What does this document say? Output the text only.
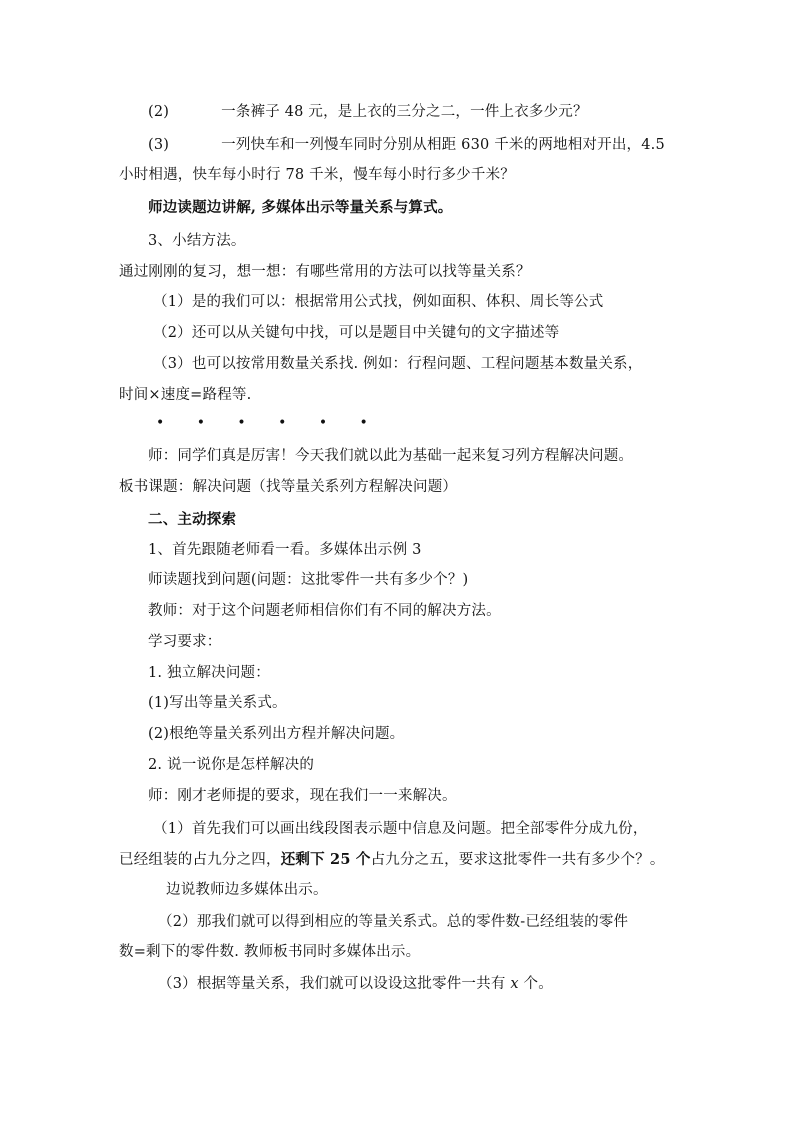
(2)	一条裤子 48 元，是上衣的三分之二，一件上衣多少元？
(3)	一列快车和一列慢车同时分别从相距 630 千米的两地相对开出，4.5
小时相遇，快车每小时行 78 千米，慢车每小时行多少千米？
师边读题边讲解, 多媒体出示等量关系与算式。
3、小结方法。
通过刚刚的复习，想一想：有哪些常用的方法可以找等量关系？
（1）是的我们可以：根据常用公式找，例如面积、体积、周长等公式
（2）还可以从关键句中找，可以是题目中关键句的文字描述等
（3）也可以按常用数量关系找. 例如：行程问题、工程问题基本数量关系，
时间×速度=路程等.
• • • • • •
师：同学们真是厉害！今天我们就以此为基础一起来复习列方程解决问题。
板书课题：解决问题（找等量关系列方程解决问题）
二、主动探索
1、首先跟随老师看一看。多媒体出示例 3
师读题找到问题(问题：这批零件一共有多少个？)
教师：对于这个问题老师相信你们有不同的解决方法。
学习要求：
1. 独立解决问题：
(1)写出等量关系式。
(2)根绝等量关系列出方程并解决问题。
2. 说一说你是怎样解决的
师：刚才老师提的要求，现在我们一一来解决。
（1）首先我们可以画出线段图表示题中信息及问题。把全部零件分成九份，
已经组装的占九分之四，还剩下 25 个占九分之五，要求这批零件一共有多少个？。
边说教师边多媒体出示。
（2）那我们就可以得到相应的等量关系式。总的零件数-已经组装的零件
数=剩下的零件数. 教师板书同时多媒体出示。
（3）根据等量关系，我们就可以设设这批零件一共有 x 个。
